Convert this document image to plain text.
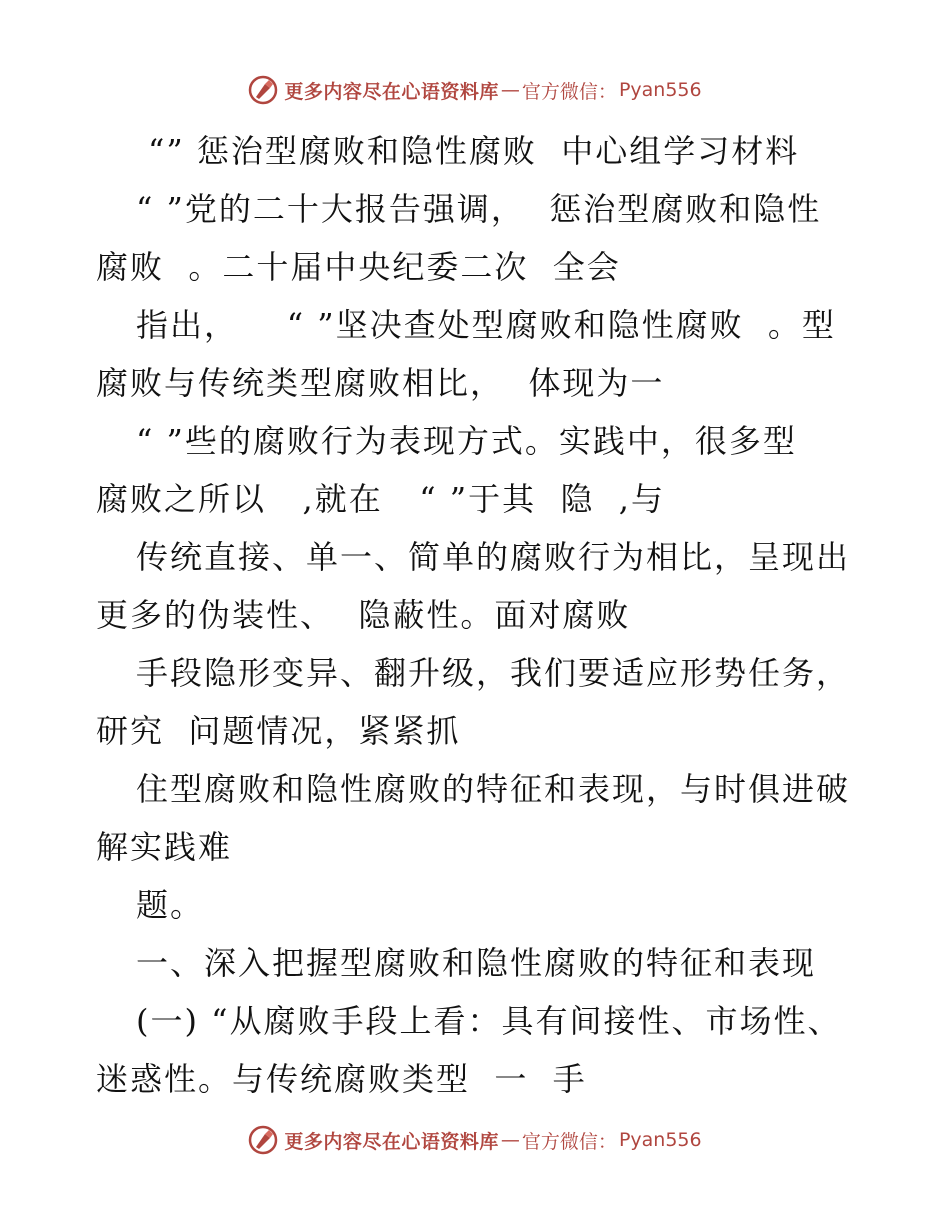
更多内容尽在心语资料库 — 官方微信： Pyan556
“” 惩治型腐败和隐性腐败  中心组学习材料
“ ”党的二十大报告强调，  惩治型腐败和隐性
腐败  。二十届中央纪委二次  全会
指出，    “ ”坚决查处型腐败和隐性腐败  。型
腐败与传统类型腐败相比，  体现为一
“ ”些的腐败行为表现方式。实践中，很多型
腐败之所以   ,就在   “ ”于其  隐  ,与
传统直接、单一、简单的腐败行为相比，呈现出
更多的伪装性、  隐蔽性。面对腐败
手段隐形变异、翻升级，我们要适应形势任务，
研究  问题情况，紧紧抓
住型腐败和隐性腐败的特征和表现，与时俱进破
解实践难
题。
一、深入把握型腐败和隐性腐败的特征和表现
(一) “从腐败手段上看：具有间接性、市场性、
迷惑性。与传统腐败类型  一  手
更多内容尽在心语资料库 — 官方微信： Pyan556
